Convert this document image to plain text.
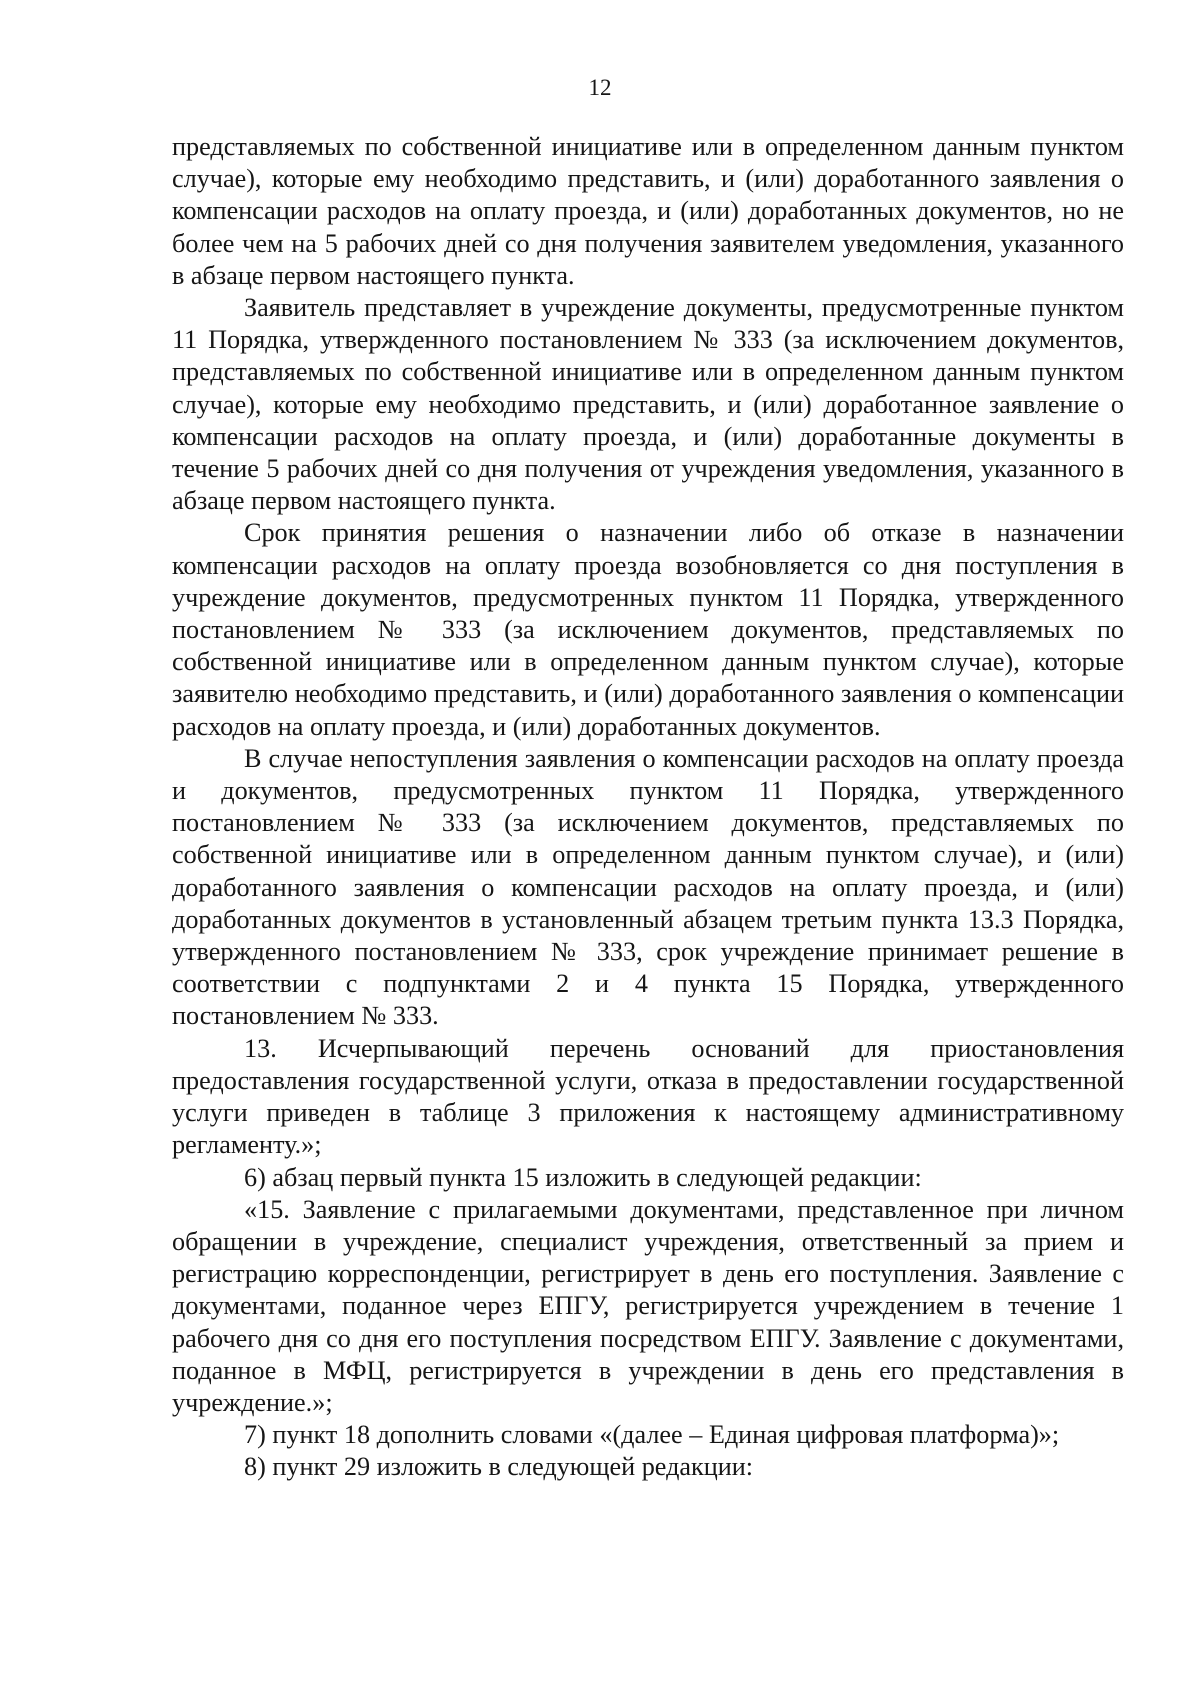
12

представляемых по собственной инициативе или в определенном данным пунктом случае), которые ему необходимо представить, и (или) доработанного заявления о компенсации расходов на оплату проезда, и (или) доработанных документов, но не более чем на 5 рабочих дней со дня получения заявителем уведомления, указанного в абзаце первом настоящего пункта.

Заявитель представляет в учреждение документы, предусмотренные пунктом 11 Порядка, утвержденного постановлением № 333 (за исключением документов, представляемых по собственной инициативе или в определенном данным пунктом случае), которые ему необходимо представить, и (или) доработанное заявление о компенсации расходов на оплату проезда, и (или) доработанные документы в течение 5 рабочих дней со дня получения от учреждения уведомления, указанного в абзаце первом настоящего пункта.

Срок принятия решения о назначении либо об отказе в назначении компенсации расходов на оплату проезда возобновляется со дня поступления в учреждение документов, предусмотренных пунктом 11 Порядка, утвержденного постановлением № 333 (за исключением документов, представляемых по собственной инициативе или в определенном данным пунктом случае), которые заявителю необходимо представить, и (или) доработанного заявления о компенсации расходов на оплату проезда, и (или) доработанных документов.

В случае непоступления заявления о компенсации расходов на оплату проезда и документов, предусмотренных пунктом 11 Порядка, утвержденного постановлением № 333 (за исключением документов, представляемых по собственной инициативе или в определенном данным пунктом случае), и (или) доработанного заявления о компенсации расходов на оплату проезда, и (или) доработанных документов в установленный абзацем третьим пункта 13.3 Порядка, утвержденного постановлением № 333, срок учреждение принимает решение в соответствии с подпунктами 2 и 4 пункта 15 Порядка, утвержденного постановлением № 333.

13. Исчерпывающий перечень оснований для приостановления предоставления государственной услуги, отказа в предоставлении государственной услуги приведен в таблице 3 приложения к настоящему административному регламенту.»;

6) абзац первый пункта 15 изложить в следующей редакции:

«15. Заявление с прилагаемыми документами, представленное при личном обращении в учреждение, специалист учреждения, ответственный за прием и регистрацию корреспонденции, регистрирует в день его поступления. Заявление с документами, поданное через ЕПГУ, регистрируется учреждением в течение 1 рабочего дня со дня его поступления посредством ЕПГУ. Заявление с документами, поданное в МФЦ, регистрируется в учреждении в день его представления в учреждение.»;

7) пункт 18 дополнить словами «(далее – Единая цифровая платформа)»;

8) пункт 29 изложить в следующей редакции:
